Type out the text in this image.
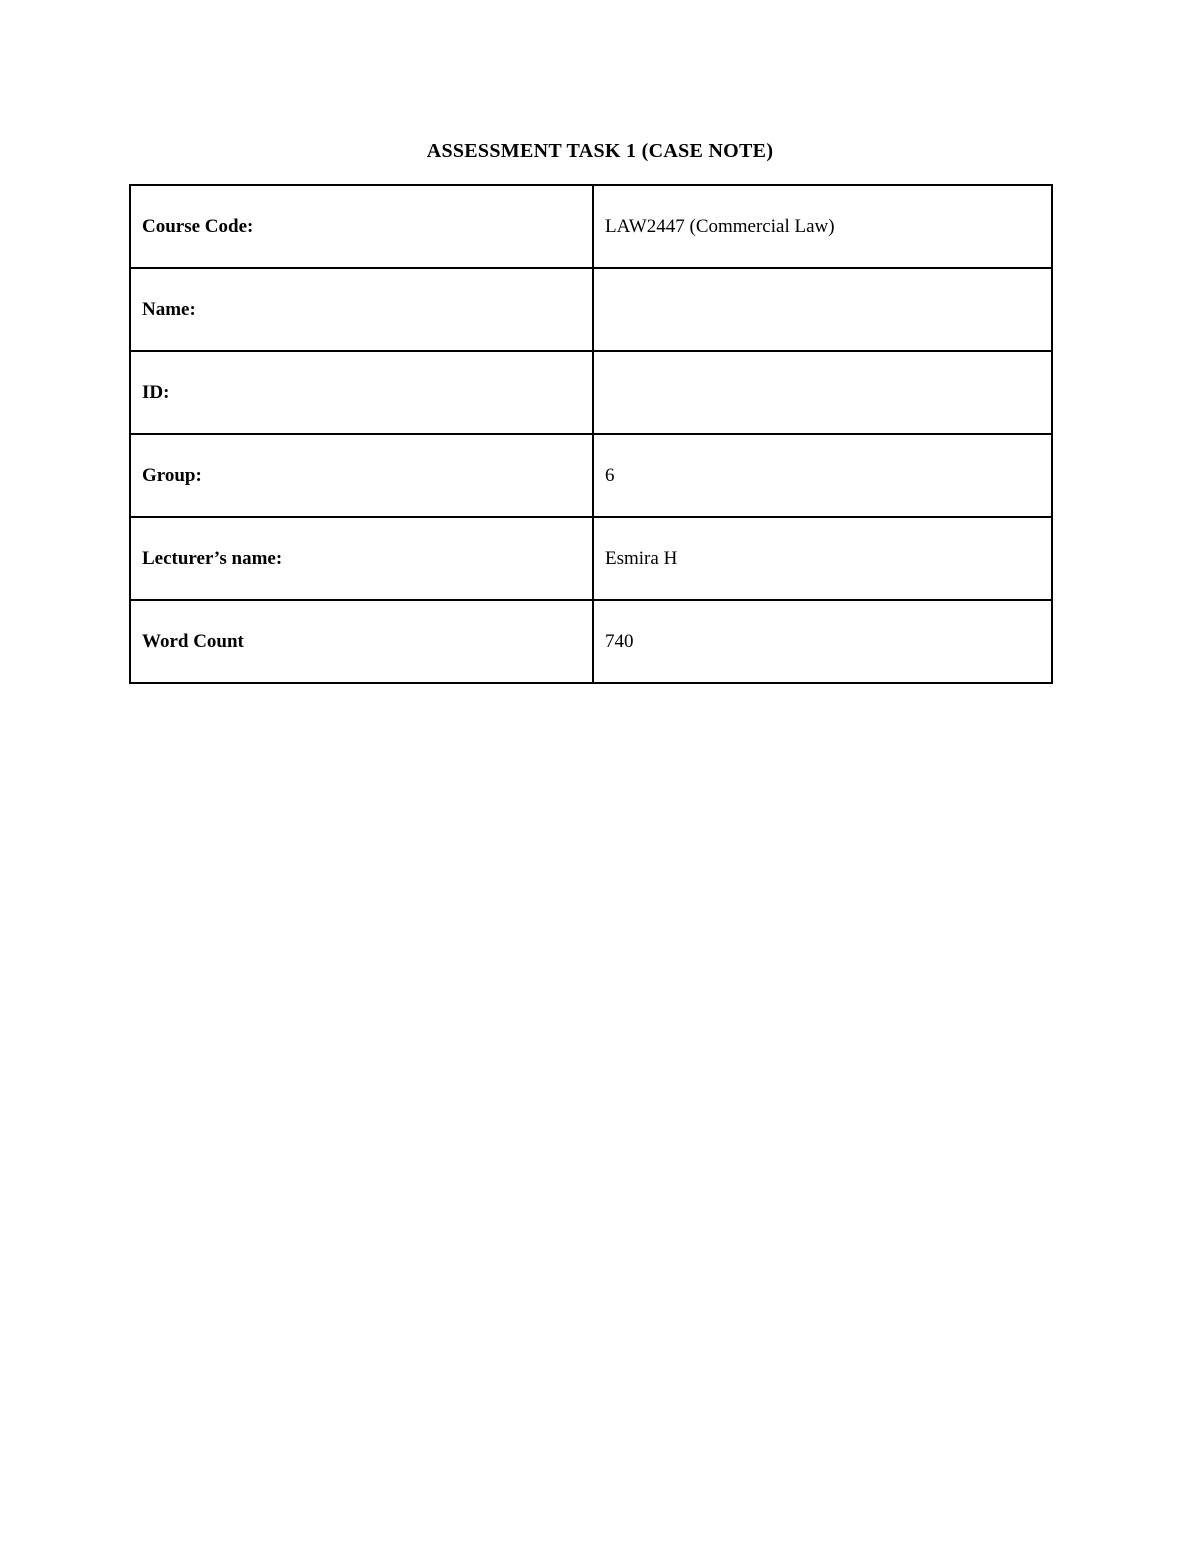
ASSESSMENT TASK 1 (CASE NOTE)
Course Code:	LAW2447 (Commercial Law)
Name:	
ID:	
Group:	6
Lecturer’s name:	Esmira H
Word Count	740
